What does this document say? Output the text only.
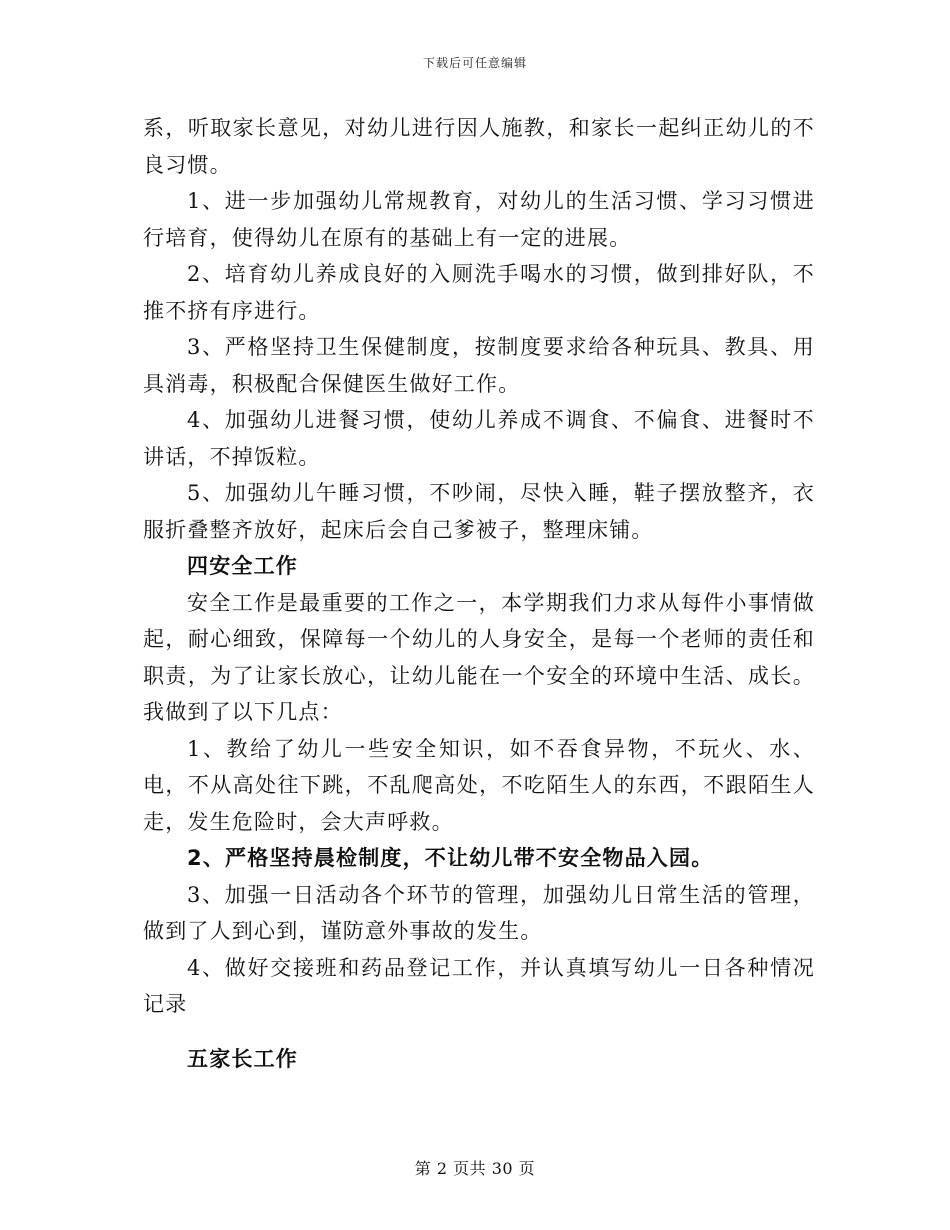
下载后可任意编辑

系，听取家长意见，对幼儿进行因人施教，和家长一起纠正幼儿的不良习惯。

1、进一步加强幼儿常规教育，对幼儿的生活习惯、学习习惯进行培育，使得幼儿在原有的基础上有一定的进展。

2、培育幼儿养成良好的入厕洗手喝水的习惯，做到排好队，不推不挤有序进行。

3、严格坚持卫生保健制度，按制度要求给各种玩具、教具、用具消毒，积极配合保健医生做好工作。

4、加强幼儿进餐习惯，使幼儿养成不调食、不偏食、进餐时不讲话，不掉饭粒。

5、加强幼儿午睡习惯，不吵闹，尽快入睡，鞋子摆放整齐，衣服折叠整齐放好，起床后会自己爹被子，整理床铺。

四安全工作

安全工作是最重要的工作之一，本学期我们力求从每件小事情做起，耐心细致，保障每一个幼儿的人身安全，是每一个老师的责任和职责，为了让家长放心，让幼儿能在一个安全的环境中生活、成长。我做到了以下几点：

1、教给了幼儿一些安全知识，如不吞食异物，不玩火、水、电，不从高处往下跳，不乱爬高处，不吃陌生人的东西，不跟陌生人走，发生危险时，会大声呼救。

2、严格坚持晨检制度，不让幼儿带不安全物品入园。

3、加强一日活动各个环节的管理，加强幼儿日常生活的管理，做到了人到心到，谨防意外事故的发生。

4、做好交接班和药品登记工作，并认真填写幼儿一日各种情况记录

五家长工作

第 2 页共 30 页
